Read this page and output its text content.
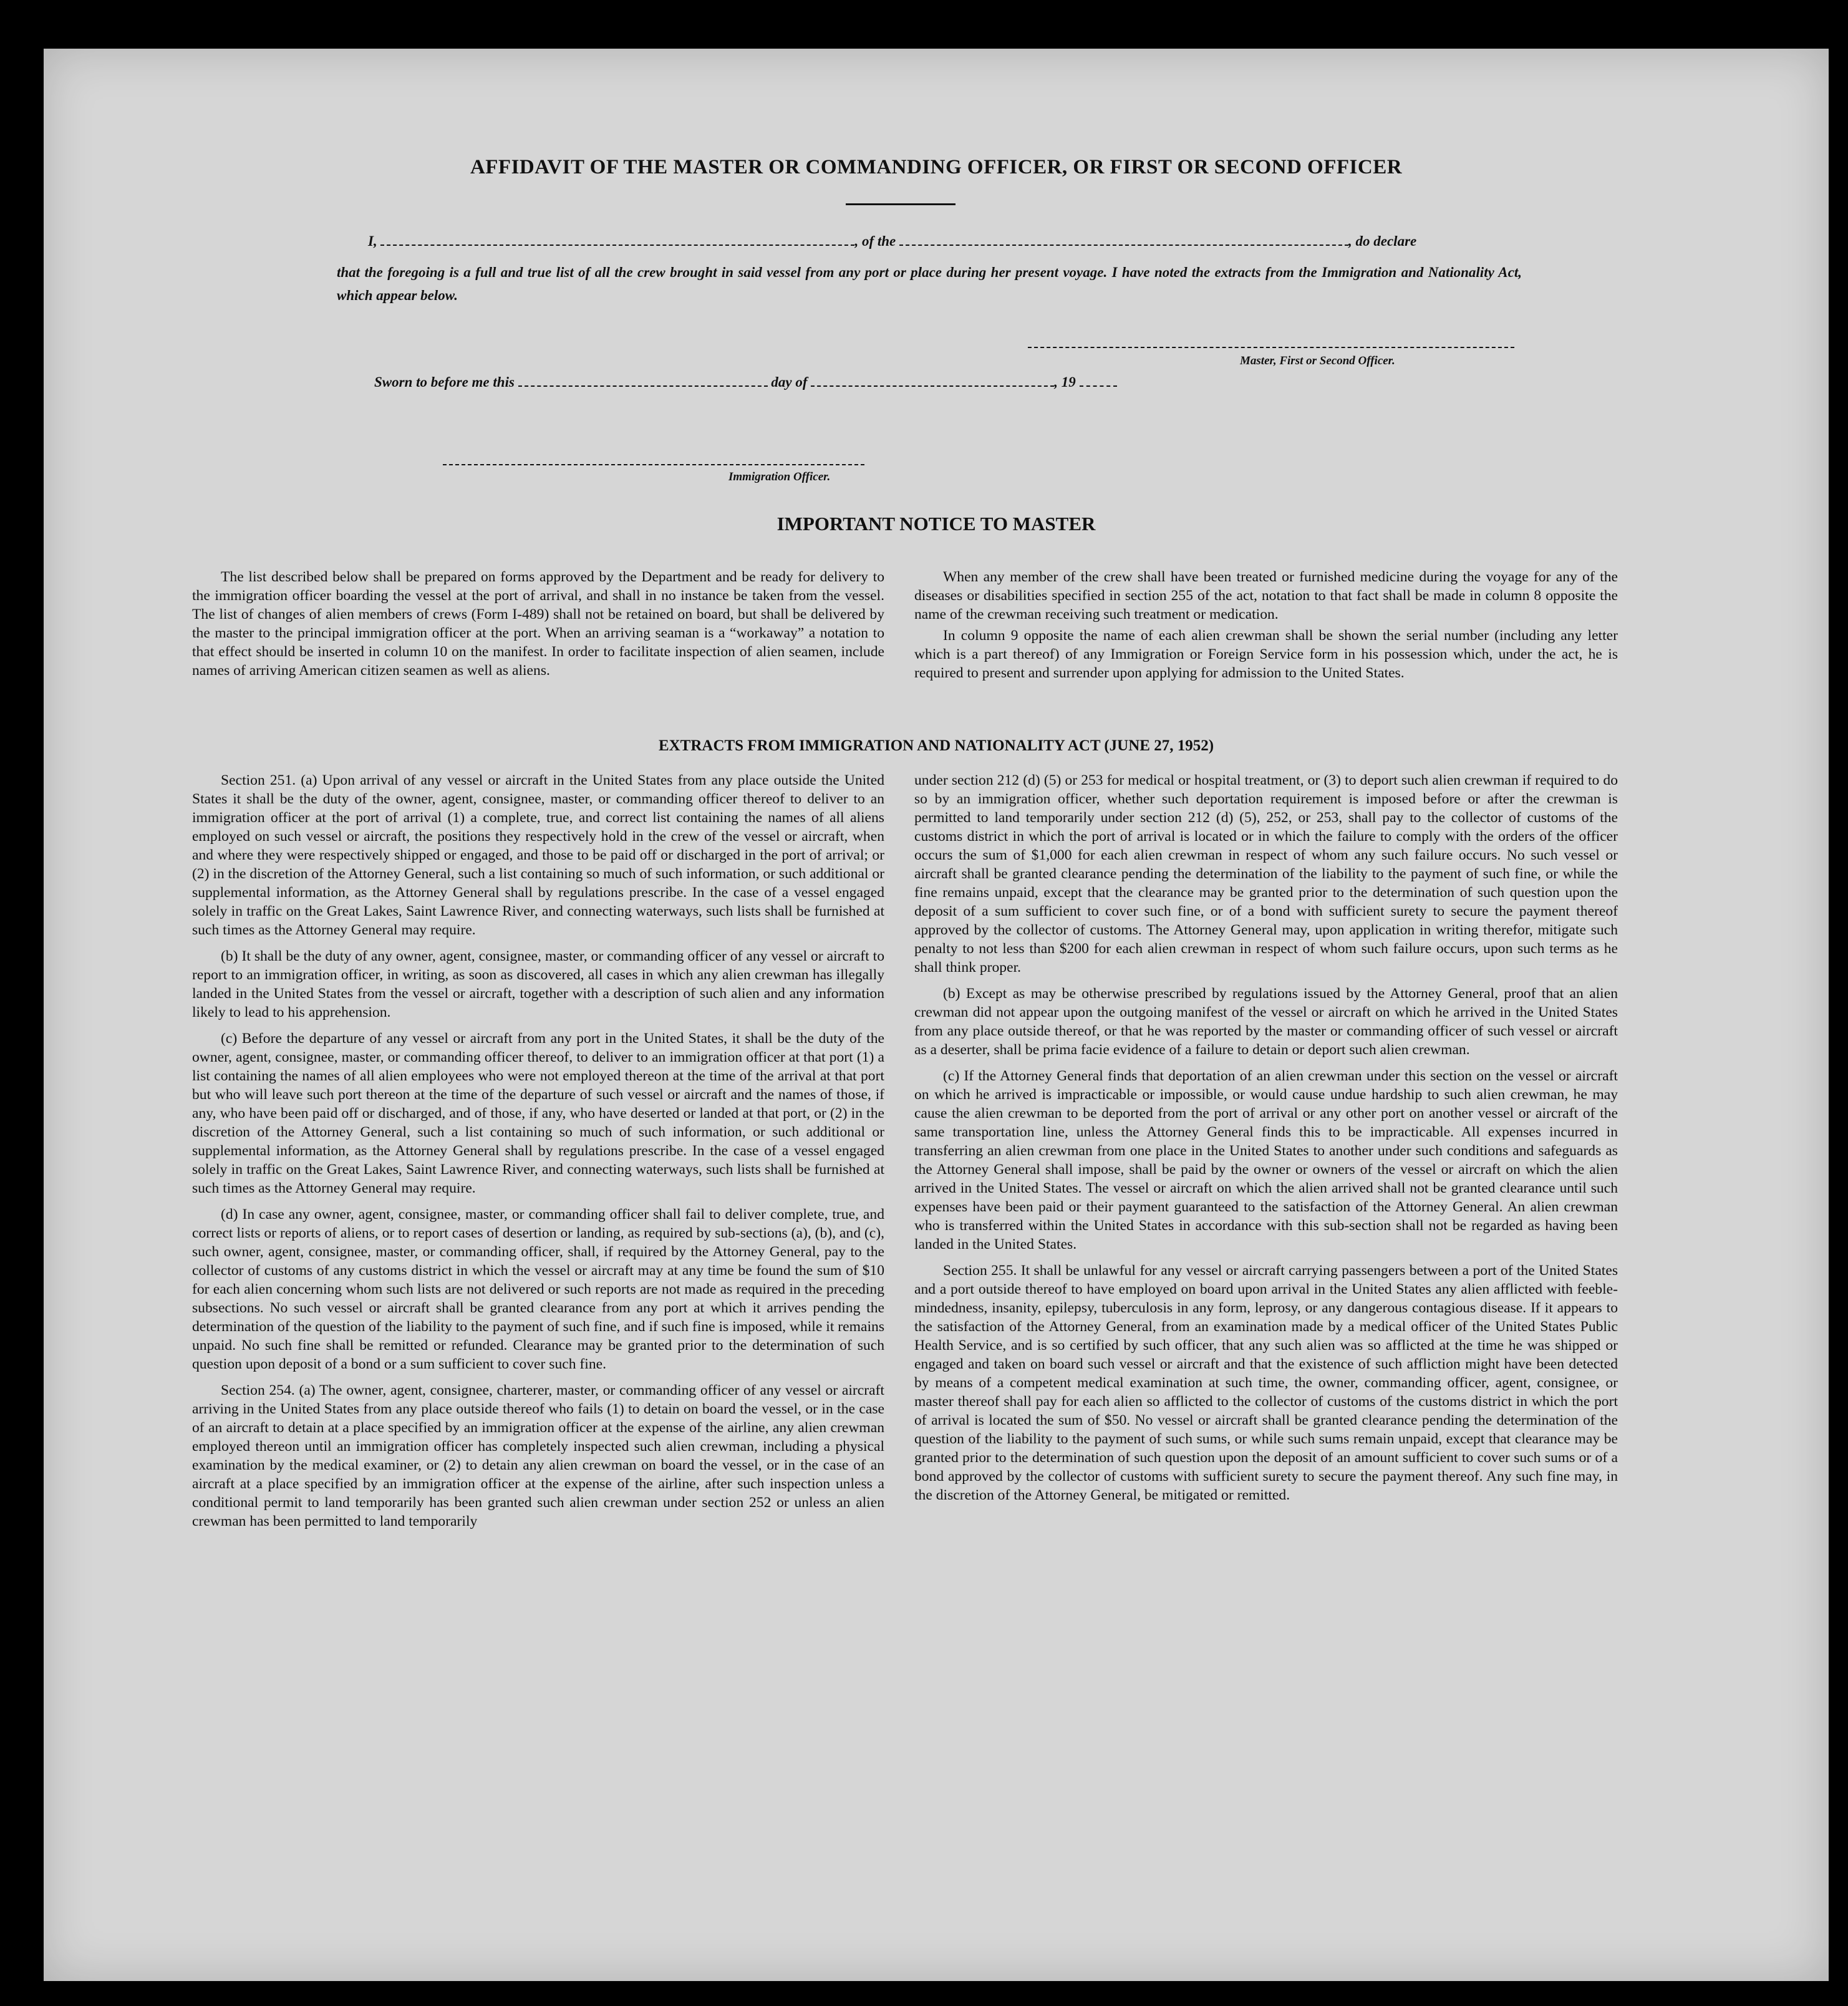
AFFIDAVIT OF THE MASTER OR COMMANDING OFFICER, OR FIRST OR SECOND OFFICER
I,	, of the	, do declare
that the foregoing is a full and true list of all the crew brought in said vessel from any port or place during her present voyage. I have noted the extracts from the Immigration and Nationality Act, which appear below.
Master, First or Second Officer.
Sworn to before me this	day of	, 19
Immigration Officer.
IMPORTANT NOTICE TO MASTER

The list described below shall be prepared on forms approved by the Department and be ready for delivery to the immigration officer boarding the vessel at the port of arrival, and shall in no instance be taken from the vessel. The list of changes of alien members of crews (Form I-489) shall not be retained on board, but shall be delivered by the master to the principal immigration officer at the port. When an arriving seaman is a “workaway” a notation to that effect should be inserted in column 10 on the manifest. In order to facilitate inspection of alien seamen, include names of arriving American citizen seamen as well as aliens.

When any member of the crew shall have been treated or furnished medicine during the voyage for any of the diseases or disabilities specified in section 255 of the act, notation to that fact shall be made in column 8 opposite the name of the crewman receiving such treatment or medication.

In column 9 opposite the name of each alien crewman shall be shown the serial number (including any letter which is a part thereof) of any Immigration or Foreign Service form in his possession which, under the act, he is required to present and surrender upon applying for admission to the United States.

EXTRACTS FROM IMMIGRATION AND NATIONALITY ACT (JUNE 27, 1952)

Section 251. (a) Upon arrival of any vessel or aircraft in the United States from any place outside the United States it shall be the duty of the owner, agent, consignee, master, or commanding officer thereof to deliver to an immigration officer at the port of arrival (1) a complete, true, and correct list containing the names of all aliens employed on such vessel or aircraft, the positions they respectively hold in the crew of the vessel or aircraft, when and where they were respectively shipped or engaged, and those to be paid off or discharged in the port of arrival; or (2) in the discretion of the Attorney General, such a list containing so much of such information, or such additional or supplemental information, as the Attorney General shall by regulations prescribe. In the case of a vessel engaged solely in traffic on the Great Lakes, Saint Lawrence River, and connecting waterways, such lists shall be furnished at such times as the Attorney General may require.

(b) It shall be the duty of any owner, agent, consignee, master, or commanding officer of any vessel or aircraft to report to an immigration officer, in writing, as soon as discovered, all cases in which any alien crewman has illegally landed in the United States from the vessel or aircraft, together with a description of such alien and any information likely to lead to his apprehension.

(c) Before the departure of any vessel or aircraft from any port in the United States, it shall be the duty of the owner, agent, consignee, master, or commanding officer thereof, to deliver to an immigration officer at that port (1) a list containing the names of all alien employees who were not employed thereon at the time of the arrival at that port but who will leave such port thereon at the time of the departure of such vessel or aircraft and the names of those, if any, who have been paid off or discharged, and of those, if any, who have deserted or landed at that port, or (2) in the discretion of the Attorney General, such a list containing so much of such information, or such additional or supplemental information, as the Attorney General shall by regulations prescribe. In the case of a vessel engaged solely in traffic on the Great Lakes, Saint Lawrence River, and connecting waterways, such lists shall be furnished at such times as the Attorney General may require.

(d) In case any owner, agent, consignee, master, or commanding officer shall fail to deliver complete, true, and correct lists or reports of aliens, or to report cases of desertion or landing, as required by sub-sections (a), (b), and (c), such owner, agent, consignee, master, or commanding officer, shall, if required by the Attorney General, pay to the collector of customs of any customs district in which the vessel or aircraft may at any time be found the sum of $10 for each alien concerning whom such lists are not delivered or such reports are not made as required in the preceding subsections. No such vessel or aircraft shall be granted clearance from any port at which it arrives pending the determination of the question of the liability to the payment of such fine, and if such fine is imposed, while it remains unpaid. No such fine shall be remitted or refunded. Clearance may be granted prior to the determination of such question upon deposit of a bond or a sum sufficient to cover such fine.

Section 254. (a) The owner, agent, consignee, charterer, master, or commanding officer of any vessel or aircraft arriving in the United States from any place outside thereof who fails (1) to detain on board the vessel, or in the case of an aircraft to detain at a place specified by an immigration officer at the expense of the airline, any alien crewman employed thereon until an immigration officer has completely inspected such alien crewman, including a physical examination by the medical examiner, or (2) to detain any alien crewman on board the vessel, or in the case of an aircraft at a place specified by an immigration officer at the expense of the airline, after such inspection unless a conditional permit to land temporarily has been granted such alien crewman under section 252 or unless an alien crewman has been permitted to land temporarily

under section 212 (d) (5) or 253 for medical or hospital treatment, or (3) to deport such alien crewman if required to do so by an immigration officer, whether such deportation requirement is imposed before or after the crewman is permitted to land temporarily under section 212 (d) (5), 252, or 253, shall pay to the collector of customs of the customs district in which the port of arrival is located or in which the failure to comply with the orders of the officer occurs the sum of $1,000 for each alien crewman in respect of whom any such failure occurs. No such vessel or aircraft shall be granted clearance pending the determination of the liability to the payment of such fine, or while the fine remains unpaid, except that the clearance may be granted prior to the determination of such question upon the deposit of a sum sufficient to cover such fine, or of a bond with sufficient surety to secure the payment thereof approved by the collector of customs. The Attorney General may, upon application in writing therefor, mitigate such penalty to not less than $200 for each alien crewman in respect of whom such failure occurs, upon such terms as he shall think proper.

(b) Except as may be otherwise prescribed by regulations issued by the Attorney General, proof that an alien crewman did not appear upon the outgoing manifest of the vessel or aircraft on which he arrived in the United States from any place outside thereof, or that he was reported by the master or commanding officer of such vessel or aircraft as a deserter, shall be prima facie evidence of a failure to detain or deport such alien crewman.

(c) If the Attorney General finds that deportation of an alien crewman under this section on the vessel or aircraft on which he arrived is impracticable or impossible, or would cause undue hardship to such alien crewman, he may cause the alien crewman to be deported from the port of arrival or any other port on another vessel or aircraft of the same transportation line, unless the Attorney General finds this to be impracticable. All expenses incurred in transferring an alien crewman from one place in the United States to another under such conditions and safeguards as the Attorney General shall impose, shall be paid by the owner or owners of the vessel or aircraft on which the alien arrived in the United States. The vessel or aircraft on which the alien arrived shall not be granted clearance until such expenses have been paid or their payment guaranteed to the satisfaction of the Attorney General. An alien crewman who is transferred within the United States in accordance with this sub-section shall not be regarded as having been landed in the United States.

Section 255. It shall be unlawful for any vessel or aircraft carrying passengers between a port of the United States and a port outside thereof to have employed on board upon arrival in the United States any alien afflicted with feeble-mindedness, insanity, epilepsy, tuberculosis in any form, leprosy, or any dangerous contagious disease. If it appears to the satisfaction of the Attorney General, from an examination made by a medical officer of the United States Public Health Service, and is so certified by such officer, that any such alien was so afflicted at the time he was shipped or engaged and taken on board such vessel or aircraft and that the existence of such affliction might have been detected by means of a competent medical examination at such time, the owner, commanding officer, agent, consignee, or master thereof shall pay for each alien so afflicted to the collector of customs of the customs district in which the port of arrival is located the sum of $50. No vessel or aircraft shall be granted clearance pending the determination of the question of the liability to the payment of such sums, or while such sums remain unpaid, except that clearance may be granted prior to the determination of such question upon the deposit of an amount sufficient to cover such sums or of a bond approved by the collector of customs with sufficient surety to secure the payment thereof. Any such fine may, in the discretion of the Attorney General, be mitigated or remitted.
